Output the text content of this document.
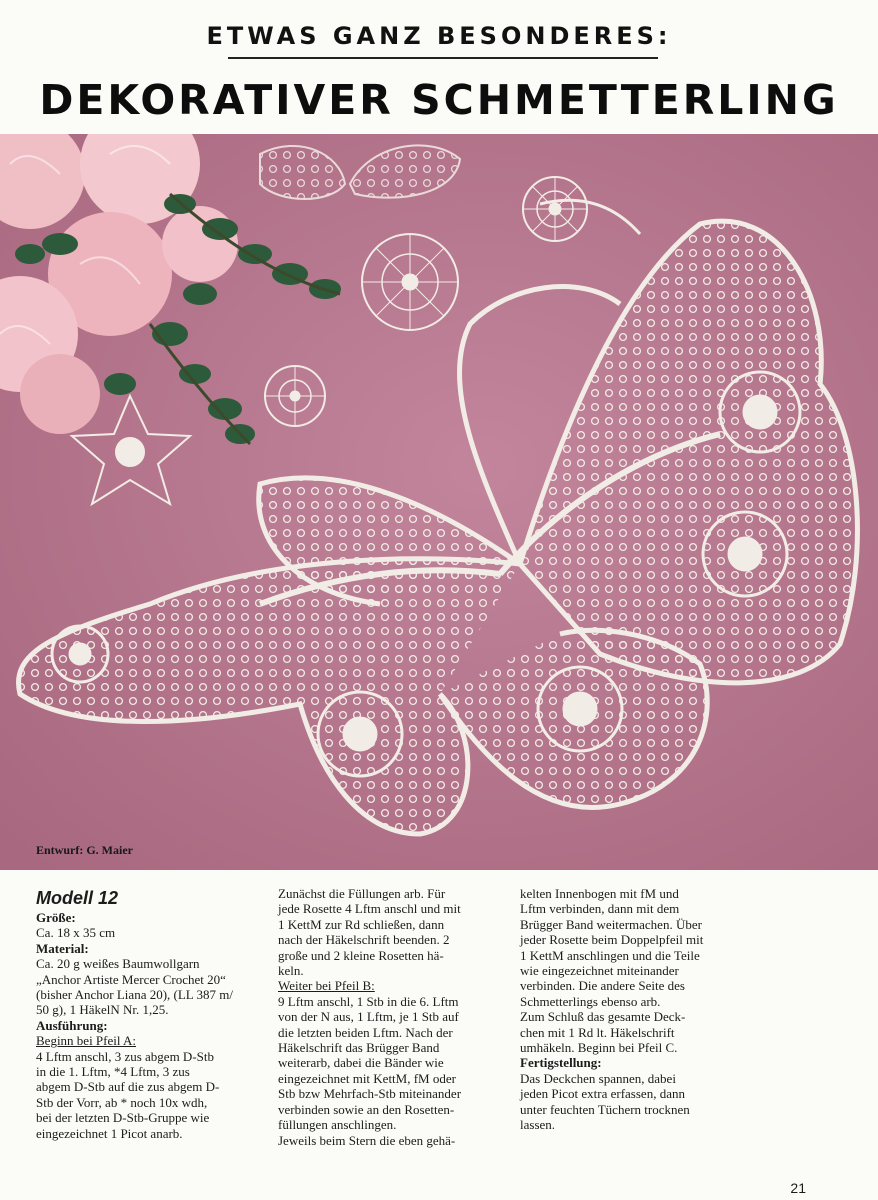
ETWAS GANZ BESONDERES:
DEKORATIVER SCHMETTERLING
Entwurf: G. Maier
Modell 12

Größe:

Ca. 18 x 35 cm

Material:

Ca. 20 g weißes Baumwollgarn

„Anchor Artiste Mercer Crochet 20“

(bisher Anchor Liana 20), (LL 387 m/

50 g), 1 HäkelN Nr. 1,25.

Ausführung:

Beginn bei Pfeil A:

4 Lftm anschl, 3 zus abgem D-Stb

in die 1. Lftm, *4 Lftm, 3 zus

abgem D-Stb auf die zus abgem D-

Stb der Vorr, ab * noch 10x wdh,

bei der letzten D-Stb-Gruppe wie

eingezeichnet 1 Picot anarb.

Zunächst die Füllungen arb. Für

jede Rosette 4 Lftm anschl und mit

1 KettM zur Rd schließen, dann

nach der Häkelschrift beenden. 2

große und 2 kleine Rosetten hä-

keln.

Weiter bei Pfeil B:

9 Lftm anschl, 1 Stb in die 6. Lftm

von der N aus, 1 Lftm, je 1 Stb auf

die letzten beiden Lftm. Nach der

Häkelschrift das Brügger Band

weiterarb, dabei die Bänder wie

eingezeichnet mit KettM, fM oder

Stb bzw Mehrfach-Stb miteinander

verbinden sowie an den Rosetten-

füllungen anschlingen.

Jeweils beim Stern die eben gehä-

kelten Innenbogen mit fM und

Lftm verbinden, dann mit dem

Brügger Band weitermachen. Über

jeder Rosette beim Doppelpfeil mit

1 KettM anschlingen und die Teile

wie eingezeichnet miteinander

verbinden. Die andere Seite des

Schmetterlings ebenso arb.

Zum Schluß das gesamte Deck-

chen mit 1 Rd lt. Häkelschrift

umhäkeln. Beginn bei Pfeil C.

Fertigstellung:

Das Deckchen spannen, dabei

jeden Picot extra erfassen, dann

unter feuchten Tüchern trocknen

lassen.

21
